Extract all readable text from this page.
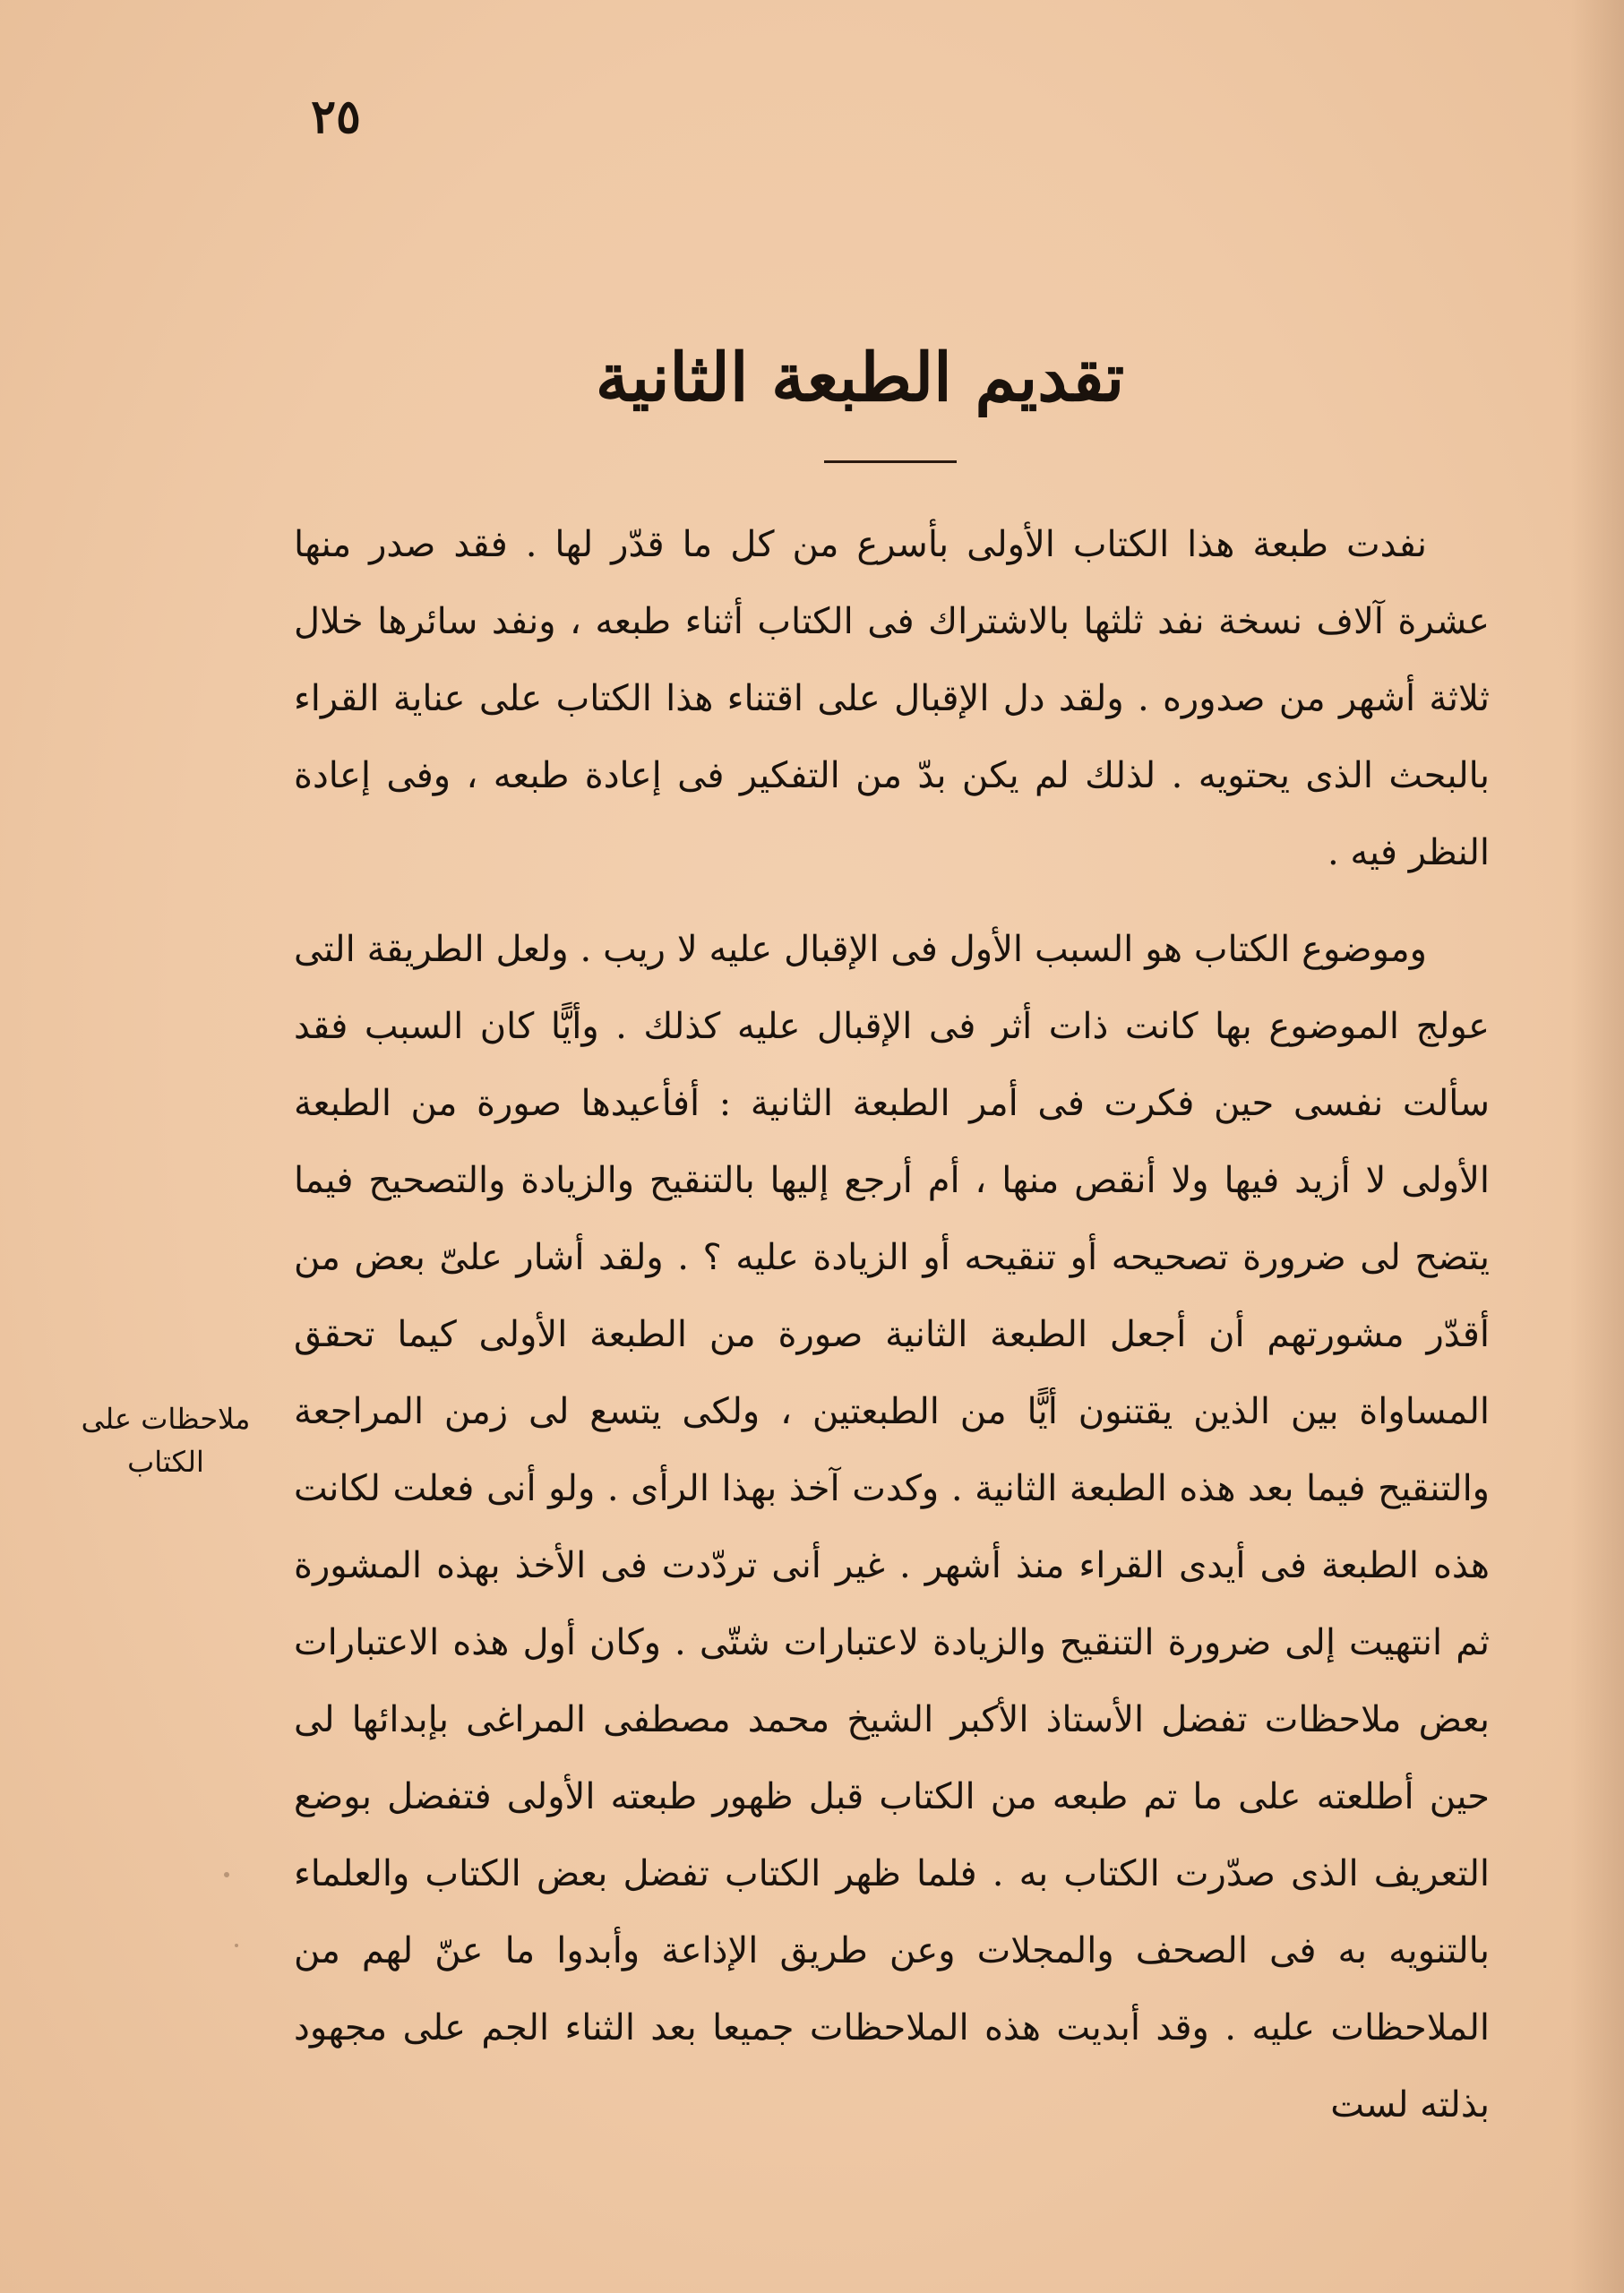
٢٥
تقديم الطبعة الثانية

نفدت طبعة هذا الكتاب الأولى بأسرع من كل ما قدّر لها . فقد صدر منها عشرة آلاف نسخة نفد ثلثها بالاشتراك فى الكتاب أثناء طبعه ، ونفد سائرها خلال ثلاثة أشهر من صدوره . ولقد دل الإقبال على اقتناء هذا الكتاب على عناية القراء بالبحث الذى يحتويه . لذلك لم يكن بدّ من التفكير فى إعادة طبعه ، وفى إعادة النظر فيه .

وموضوع الكتاب هو السبب الأول فى الإقبال عليه لا ريب . ولعل الطريقة التى عولج الموضوع بها كانت ذات أثر فى الإقبال عليه كذلك . وأيًّا كان السبب فقد سألت نفسى حين فكرت فى أمر الطبعة الثانية : أفأعيدها صورة من الطبعة الأولى لا أزيد فيها ولا أنقص منها ، أم أرجع إليها بالتنقيح والزيادة والتصحيح فيما يتضح لى ضرورة تصحيحه أو تنقيحه أو الزيادة عليه ؟ . ولقد أشار علىّ بعض من أقدّر مشورتهم أن أجعل الطبعة الثانية صورة من الطبعة الأولى كيما تحقق المساواة بين الذين يقتنون أيًّا من الطبعتين ، ولكى يتسع لى زمن المراجعة والتنقيح فيما بعد هذه الطبعة الثانية . وكدت آخذ بهذا الرأى . ولو أنى فعلت لكانت هذه الطبعة فى أيدى القراء منذ أشهر . غير أنى تردّدت فى الأخذ بهذه المشورة ثم انتهيت إلى ضرورة التنقيح والزيادة لاعتبارات شتّى . وكان أول هذه الاعتبارات بعض ملاحظات تفضل الأستاذ الأكبر الشيخ محمد مصطفى المراغى بإبدائها لى حين أطلعته على ما تم طبعه من الكتاب قبل ظهور طبعته الأولى فتفضل بوضع التعريف الذى صدّرت الكتاب به . فلما ظهر الكتاب تفضل بعض الكتاب والعلماء بالتنويه به فى الصحف والمجلات وعن طريق الإذاعة وأبدوا ما عنّ لهم من الملاحظات عليه . وقد أبديت هذه الملاحظات جميعا بعد الثناء الجم على مجهود بذلته لست

ملاحظات على الكتاب
